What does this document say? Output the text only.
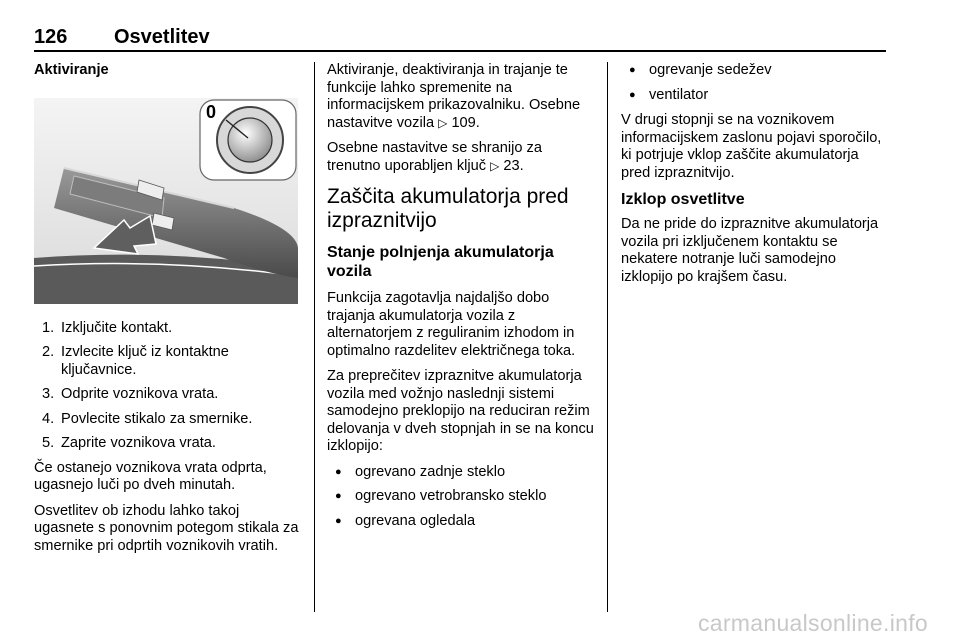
126 Osvetlitev
Aktiviranje
0
1. Izključite kontakt.
2. Izvlecite ključ iz kontaktne ključavnice.
3. Odprite voznikova vrata.
4. Povlecite stikalo za smernike.
5. Zaprite voznikova vrata.

Če ostanejo voznikova vrata odprta, ugasnejo luči po dveh minutah.

Osvetlitev ob izhodu lahko takoj ugasnete s ponovnim potegom stikala za smernike pri odprtih voznikovih vratih.

Aktiviranje, deaktiviranja in trajanje te funkcije lahko spremenite na informacijskem prikazovalniku. Osebne nastavitve vozila ▷ 109.

Osebne nastavitve se shranijo za trenutno uporabljen ključ ▷ 23.

Zaščita akumulatorja pred izpraznitvijo
Stanje polnjenja akumulatorja vozila

Funkcija zagotavlja najdaljšo dobo trajanja akumulatorja vozila z alternatorjem z reguliranim izhodom in optimalno razdelitev električnega toka.

Za preprečitev izpraznitve akumulatorja vozila med vožnjo naslednji sistemi samodejno preklopijo na reduciran režim delovanja v dveh stopnjah in se na koncu izklopijo:

● ogrevano zadnje steklo
● ogrevano vetrobransko steklo
● ogrevana ogledala
● ogrevanje sedežev
● ventilator

V drugi stopnji se na voznikovem informacijskem zaslonu pojavi sporočilo, ki potrjuje vklop zaščite akumulatorja pred izpraznitvijo.

Izklop osvetlitve

Da ne pride do izpraznitve akumulatorja vozila pri izključenem kontaktu se nekatere notranje luči samodejno izklopijo po krajšem času.

carmanualsonline.info
